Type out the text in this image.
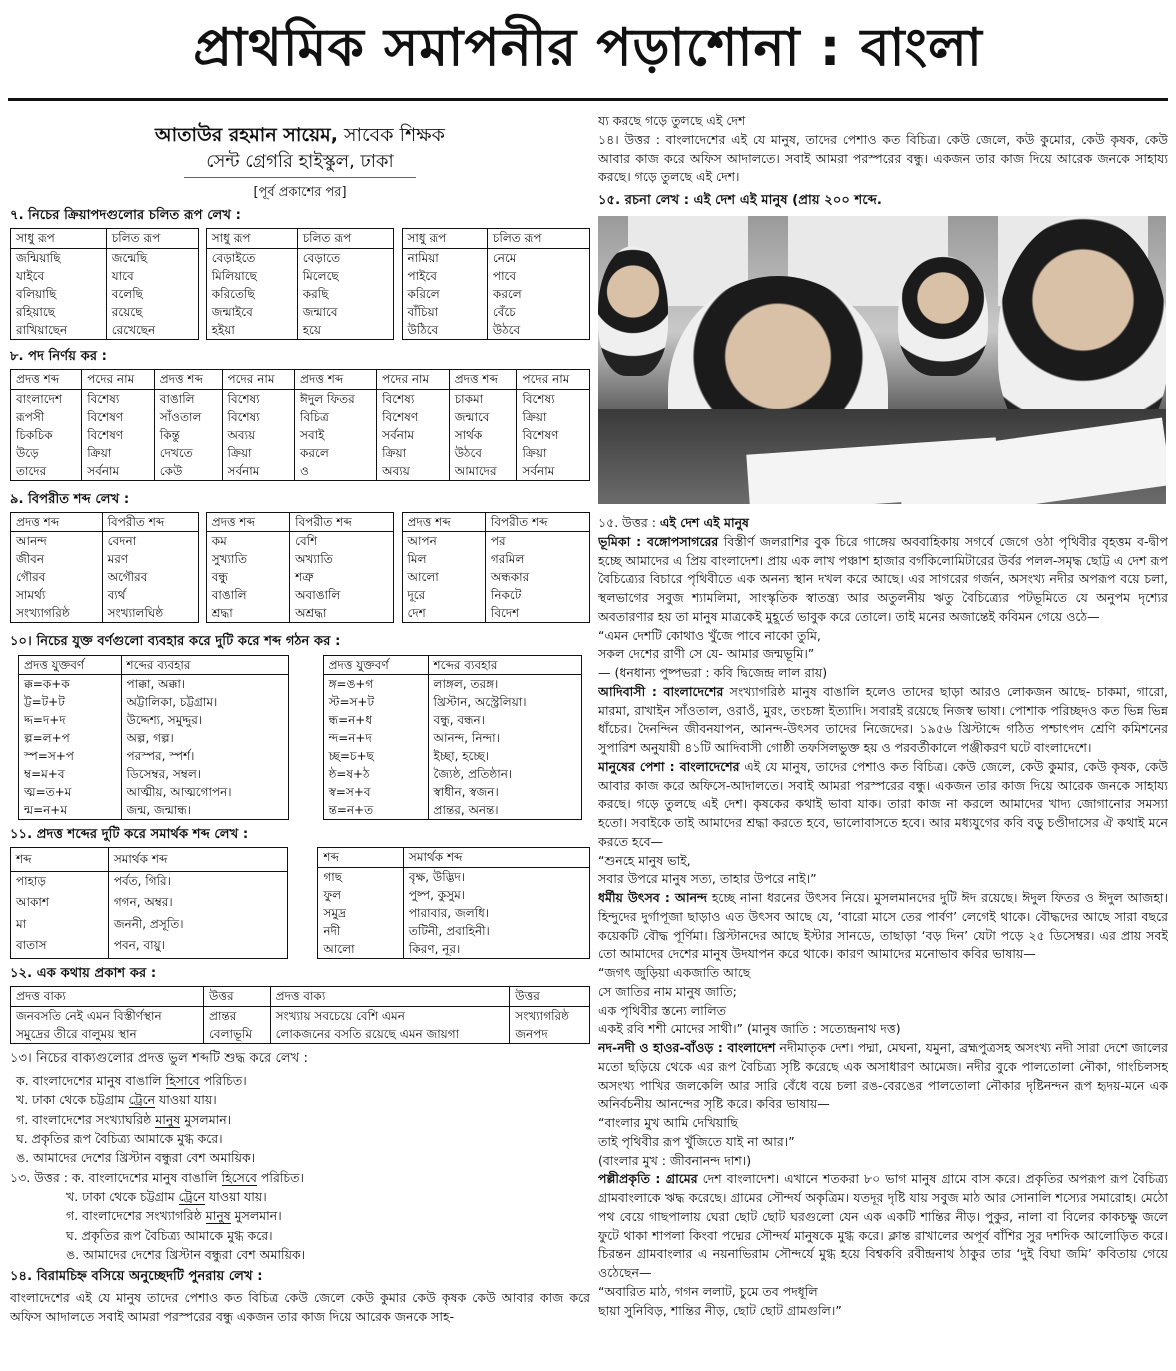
প্রাথমিক সমাপনীর পড়াশোনা : বাংলা
আতাউর রহমান সায়েম, সাবেক শিক্ষক
সেন্ট গ্রেগরি হাইস্কুল, ঢাকা
[পূর্ব প্রকাশের পর]
৭. নিচের ক্রিয়াপদগুলোর চলিত রূপ লেখ :
সাধু রূপ	চলিত রূপ
জন্মিয়াছি	জন্মেছি
যাইবে	যাবে
বলিয়াছি	বলেছি
রহিয়াছে	রয়েছে
রাখিয়াছেন	রেখেছেন
সাধু রূপ	চলিত রূপ
বেড়াইতে	বেড়াতে
মিলিয়াছে	মিলেছে
করিতেছি	করছি
জন্মাইবে	জন্মাবে
হইয়া	হয়ে
সাধু রূপ	চলিত রূপ
নামিয়া	নেমে
পাইবে	পাবে
করিলে	করলে
বাঁচিয়া	বেঁচে
উঠিবে	উঠবে
৮. পদ নির্ণয় কর :
প্রদত্ত শব্দ	পদের নাম	প্রদত্ত শব্দ	পদের নাম	প্রদত্ত শব্দ	পদের নাম	প্রদত্ত শব্দ	পদের নাম
বাংলাদেশ	বিশেষ্য	বাঙালি	বিশেষ্য	ঈদুল ফিতর	বিশেষ্য	চাকমা	বিশেষ্য
রূপসী	বিশেষণ	সাঁওতাল	বিশেষ্য	বিচিত্র	বিশেষণ	জন্মাবে	ক্রিয়া
চিকচিক	বিশেষণ	কিন্তু	অব্যয়	সবাই	সর্বনাম	সার্থক	বিশেষণ
উড়ে	ক্রিয়া	দেখতে	ক্রিয়া	করলে	ক্রিয়া	উঠবে	ক্রিয়া
তাদের	সর্বনাম	কেউ	সর্বনাম	ও	অব্যয়	আমাদের	সর্বনাম
৯. বিপরীত শব্দ লেখ :
প্রদত্ত শব্দ	বিপরীত শব্দ
আনন্দ	বেদনা
জীবন	মরণ
গৌরব	অগৌরব
সামর্থ্য	ব্যর্থ
সংখ্যাগরিষ্ঠ	সংখ্যালঘিষ্ঠ
প্রদত্ত শব্দ	বিপরীত শব্দ
কম	বেশি
সুখ্যাতি	অখ্যাতি
বন্ধু	শত্রু
বাঙালি	অবাঙালি
শ্রদ্ধা	অশ্রদ্ধা
প্রদত্ত শব্দ	বিপরীত শব্দ
আপন	পর
মিল	গরমিল
আলো	অন্ধকার
দূরে	নিকটে
দেশ	বিদেশ
১০। নিচের যুক্ত বর্ণগুলো ব্যবহার করে দুটি করে শব্দ গঠন কর :
প্রদত্ত যুক্তবর্ণ	শব্দের ব্যবহার
ক্ক=ক+ক	পাক্কা, অক্কা।
ট্ট=ট+ট	অট্টালিকা, চট্টগ্রাম।
দ্দ=দ+দ	উদ্দেশ্য, সমুদ্দুর।
ল্প=ল+প	অল্প, গল্প।
স্প=স+প	পরস্পর, স্পর্শ।
ম্ব=ম+ব	ডিসেম্বর, সম্বল।
ত্ম=ত+ম	আত্মীয়, আত্মগোপন।
ন্ম=ন+ম	জন্ম, জন্মান্ধ।
প্রদত্ত যুক্তবর্ণ	শব্দের ব্যবহার
ঙ্গ=ঙ+গ	লাঙ্গল, তরঙ্গ।
স্ট=স+ট	খ্রিস্টান, অস্ট্রেলিয়া।
ন্ধ=ন+ধ	বন্ধু, বন্ধন।
ন্দ=ন+দ	আনন্দ, নিন্দা।
চ্ছ=চ+ছ	ইচ্ছা, হচ্ছে।
ষ্ঠ=ষ+ঠ	জ্যৈষ্ঠ, প্রতিষ্ঠান।
স্ব=স+ব	স্বাধীন, স্বজন।
ন্ত=ন+ত	প্রান্তর, অনন্ত।
১১. প্রদত্ত শব্দের দুটি করে সমার্থক শব্দ লেখ :
শব্দ	সমার্থক শব্দ
পাহাড়	পর্বত, গিরি।
আকাশ	গগন, অম্বর।
মা	জননী, প্রসূতি।
বাতাস	পবন, বায়ু।
শব্দ	সমার্থক শব্দ
গাছ	বৃক্ষ, উদ্ভিদ।
ফুল	পুষ্প, কুসুম।
সমুদ্র	পারাবার, জলধি।
নদী	তটিনী, প্রবাহিনী।
আলো	কিরণ, নূর।
১২. এক কথায় প্রকাশ কর :
প্রদত্ত বাক্য	উত্তর	প্রদত্ত বাক্য	উত্তর
জনবসতি নেই এমন বিস্তীর্ণস্থান	প্রান্তর	সংখ্যায় সবচেয়ে বেশি এমন	সংখ্যাগরিষ্ঠ
সমুদ্রের তীরে বালুময় স্থান	বেলাভূমি	লোকজনের বসতি রয়েছে এমন জায়গা	জনপদ
১৩। নিচের বাক্যগুলোর প্রদত্ত ভুল শব্দটি শুদ্ধ করে লেখ :
ক. বাংলাদেশের মানুষ বাঙালি হিসাবে পরিচিত।
খ. ঢাকা থেকে চট্টগ্রাম ট্রেনে যাওয়া যায়।
গ. বাংলাদেশের সংখ্যাঘরিষ্ঠ মানুষ মুসলমান।
ঘ. প্রকৃতির রূপ বৈচিত্র্য আমাকে মুগ্ধ করে।
ঙ. আমাদের দেশের খ্রিস্টান বন্ধুরা বেশ অমায়িক।
১৩. উত্তর : ক. বাংলাদেশের মানুষ বাঙালি হিসেবে পরিচিত।
খ. ঢাকা থেকে চট্টগ্রাম ট্রেনে যাওয়া যায়।
গ. বাংলাদেশের সংখ্যাগরিষ্ঠ মানুষ মুসলমান।
ঘ. প্রকৃতির রূপ বৈচিত্র্য আমাকে মুগ্ধ করে।
ঙ. আমাদের দেশের খ্রিস্টান বন্ধুরা বেশ অমায়িক।
১৪. বিরামচিহ্ন বসিয়ে অনুচ্ছেদটি পুনরায় লেখ :
বাংলাদেশের এই যে মানুষ তাদের পেশাও কত বিচিত্র কেউ জেলে কেউ কুমার কেউ কৃষক কেউ আবার কাজ করে অফিস আদালতে সবাই আমরা পরস্পরের বন্ধু একজন তার কাজ দিয়ে আরেক জনকে সাহ-
য্য করছে গড়ে তুলছে এই দেশ
১৪। উত্তর : বাংলাদেশের এই যে মানুষ, তাদের পেশাও কত বিচিত্র। কেউ জেলে, কউ কুমোর, কেউ কৃষক, কেউ আবার কাজ করে অফিস আদালতে। সবাই আমরা পরস্পরের বন্ধু। একজন তার কাজ দিয়ে আরেক জনকে সাহায্য করছে। গড়ে তুলছে এই দেশ।
১৫. রচনা লেখ : এই দেশ এই মানুষ (প্রায় ২০০ শব্দে.
১৫. উত্তর : এই দেশ এই মানুষ
ভূমিকা : বঙ্গোপসাগরের বিস্তীর্ণ জলরাশির বুক চিরে গাঙ্গেয় অববাহিকায় সগর্বে জেগে ওঠা পৃথিবীর বৃহত্তম ব-দ্বীপ হচ্ছে আমাদের এ প্রিয় বাংলাদেশ। প্রায় এক লাখ পঞ্চাশ হাজার বর্গকিলোমিটারের উর্বর পলল-সমৃদ্ধ ছোট্ট এ দেশ রূপ বৈচিত্র্যের বিচারে পৃথিবীতে এক অনন্য স্থান দখল করে আছে। এর সাগরের গর্জন, অসংখ্য নদীর অপরূপ বয়ে চলা, স্থলভাগের সবুজ শ্যামলিমা, সাংস্কৃতিক স্বাতন্ত্র্য আর অতুলনীয় ঋতু বৈচিত্র্যের পটভূমিতে যে অনুপম দৃশ্যের অবতারণার হয় তা মানুষ মাত্রকেই মুহূর্তে ভাবুক করে তোলে। তাই মনের অজান্তেই কবিমন গেয়ে ওঠে—
“এমন দেশটি কোথাও খুঁজে পাবে নাকো তুমি,
সকল দেশের রাণী সে যে- আমার জন্মভূমি।”
— (ধনধান্য পুষ্পভরা : কবি দ্বিজেন্দ্র লাল রায়)
আদিবাসী : বাংলাদেশের সংখ্যাগরিষ্ঠ মানুষ বাঙালি হলেও তাদের ছাড়া আরও লোকজন আছে- চাকমা, গারো, মারমা, রাখাইন সাঁওতাল, ওরাওঁ, মুরং, তংচঙ্গা ইত্যাদি। সবারই রয়েছে নিজস্ব ভাষা। পোশাক পরিচ্ছদও কত ভিন্ন ভিন্ন ধাঁচের। দৈনন্দিন জীবনযাপন, আনন্দ-উৎসব তাদের নিজেদের। ১৯৫৬ খ্রিস্টাব্দে গঠিত পশ্চাৎপদ শ্রেণি কমিশনের সুপারিশ অনুযায়ী ৪১টি আদিবাসী গোষ্ঠী তফসিলভুক্ত হয় ও পরবর্তীকালে পঞ্জীকরণ ঘটে বাংলাদেশে।
মানুষের পেশা : বাংলাদেশের এই যে মানুষ, তাদের পেশাও কত বিচিত্র। কেউ জেলে, কেউ কুমার, কেউ কৃষক, কেউ আবার কাজ করে অফিসে-আদালতে। সবাই আমরা পরস্পরের বন্ধু। একজন তার কাজ দিয়ে আরেক জনকে সাহায্য করছে। গড়ে তুলছে এই দেশ। কৃষকের কথাই ভাবা যাক। তারা কাজ না করলে আমাদের খাদ্য জোগানোর সমস্যা হতো। সবাইকে তাই আমাদের শ্রদ্ধা করতে হবে, ভালোবাসতে হবে। আর মধ্যযুগের কবি বড়ু চণ্ডীদাসের ঐ কথাই মনে করতে হবে—
“শুনহে মানুষ ভাই,
সবার উপরে মানুষ সত্য, তাহার উপরে নাই।”
ধর্মীয় উৎসব : আনন্দ হচ্ছে নানা ধরনের উৎসব নিয়ে। মুসলমানদের দুটি ঈদ রয়েছে। ঈদুল ফিতর ও ঈদুল আজহা। হিন্দুদের দুর্গাপূজা ছাড়াও এত উৎসব আছে যে, ‘বারো মাসে তের পার্বণ’ লেগেই থাকে। বৌদ্ধদের আছে সারা বছরে কয়েকটি বৌদ্ধ পূর্ণিমা। খ্রিস্টানদের আছে ইস্টার সানডে, তাছাড়া ‘বড় দিন’ যেটা পড়ে ২৫ ডিসেম্বর। এর প্রায় সবই তো আমাদের দেশের মানুষ উদযাপন করে থাকে। কারণ আমাদের মনোভাব কবির ভাষায়—
“জগৎ জুড়িয়া একজাতি আছে
সে জাতির নাম মানুষ জাতি;
এক পৃথিবীর স্তন্যে লালিত
একই রবি শশী মোদের সাথী।” (মানুষ জাতি : সত্যেন্দ্রনাথ দত্ত)
নদ-নদী ও হাওর-বাঁওড় : বাংলাদেশ নদীমাতৃক দেশ। পদ্মা, মেঘনা, যমুনা, ব্রহ্মপুত্রসহ অসংখ্য নদী সারা দেশে জালের মতো ছড়িয়ে থেকে এর রূপ বৈচিত্র্য সৃষ্টি করেছে এক অসাধারণ আমেজ। নদীর বুকে পালতোলা নৌকা, গাংচিলসহ অসংখ্য পাখির জলকেলি আর সারি বেঁধে বয়ে চলা রঙ-বেরঙের পালতোলা নৌকার দৃষ্টিনন্দন রূপ হৃদয়-মনে এক অনির্বচনীয় আনন্দের সৃষ্টি করে। কবির ভাষায়—
“বাংলার মুখ আমি দেখিয়াছি
তাই পৃথিবীর রূপ খুঁজিতে যাই না আর।”
(বাংলার মুখ : জীবনানন্দ দাশ।)
পল্লীপ্রকৃতি : গ্রামের দেশ বাংলাদেশ। এখানে শতকরা ৮০ ভাগ মানুষ গ্রামে বাস করে। প্রকৃতির অপরূপ রূপ বৈচিত্র্য গ্রামবাংলাকে ঋদ্ধ করেছে। গ্রামের সৌন্দর্য অকৃত্রিম। যতদূর দৃষ্টি যায় সবুজ মাঠ আর সোনালি শস্যের সমারোহ। মেঠো পথ বেয়ে গাছপালায় ঘেরা ছোট ছোট ঘরগুলো যেন এক একটি শান্তির নীড়। পুকুর, নালা বা বিলের কাকচক্ষু জলে ফুটে থাকা শাপলা কিংবা পদ্মের সৌন্দর্য মানুষকে মুগ্ধ করে। ক্লান্ত রাখালের অপূর্ব বাঁশির সুর দশদিক আলোড়িত করে। চিরন্তন গ্রামবাংলার এ নয়নাভিরাম সৌন্দর্যে মুগ্ধ হয়ে বিশ্বকবি রবীন্দ্রনাথ ঠাকুর তার ‘দুই বিঘা জমি’ কবিতায় গেয়ে ওঠেছেন—
“অবারিত মাঠ, গগন ললাট, চুমে তব পদধূলি
ছায়া সুনিবিড়, শান্তির নীড়, ছোট ছোট গ্রামগুলি।”
